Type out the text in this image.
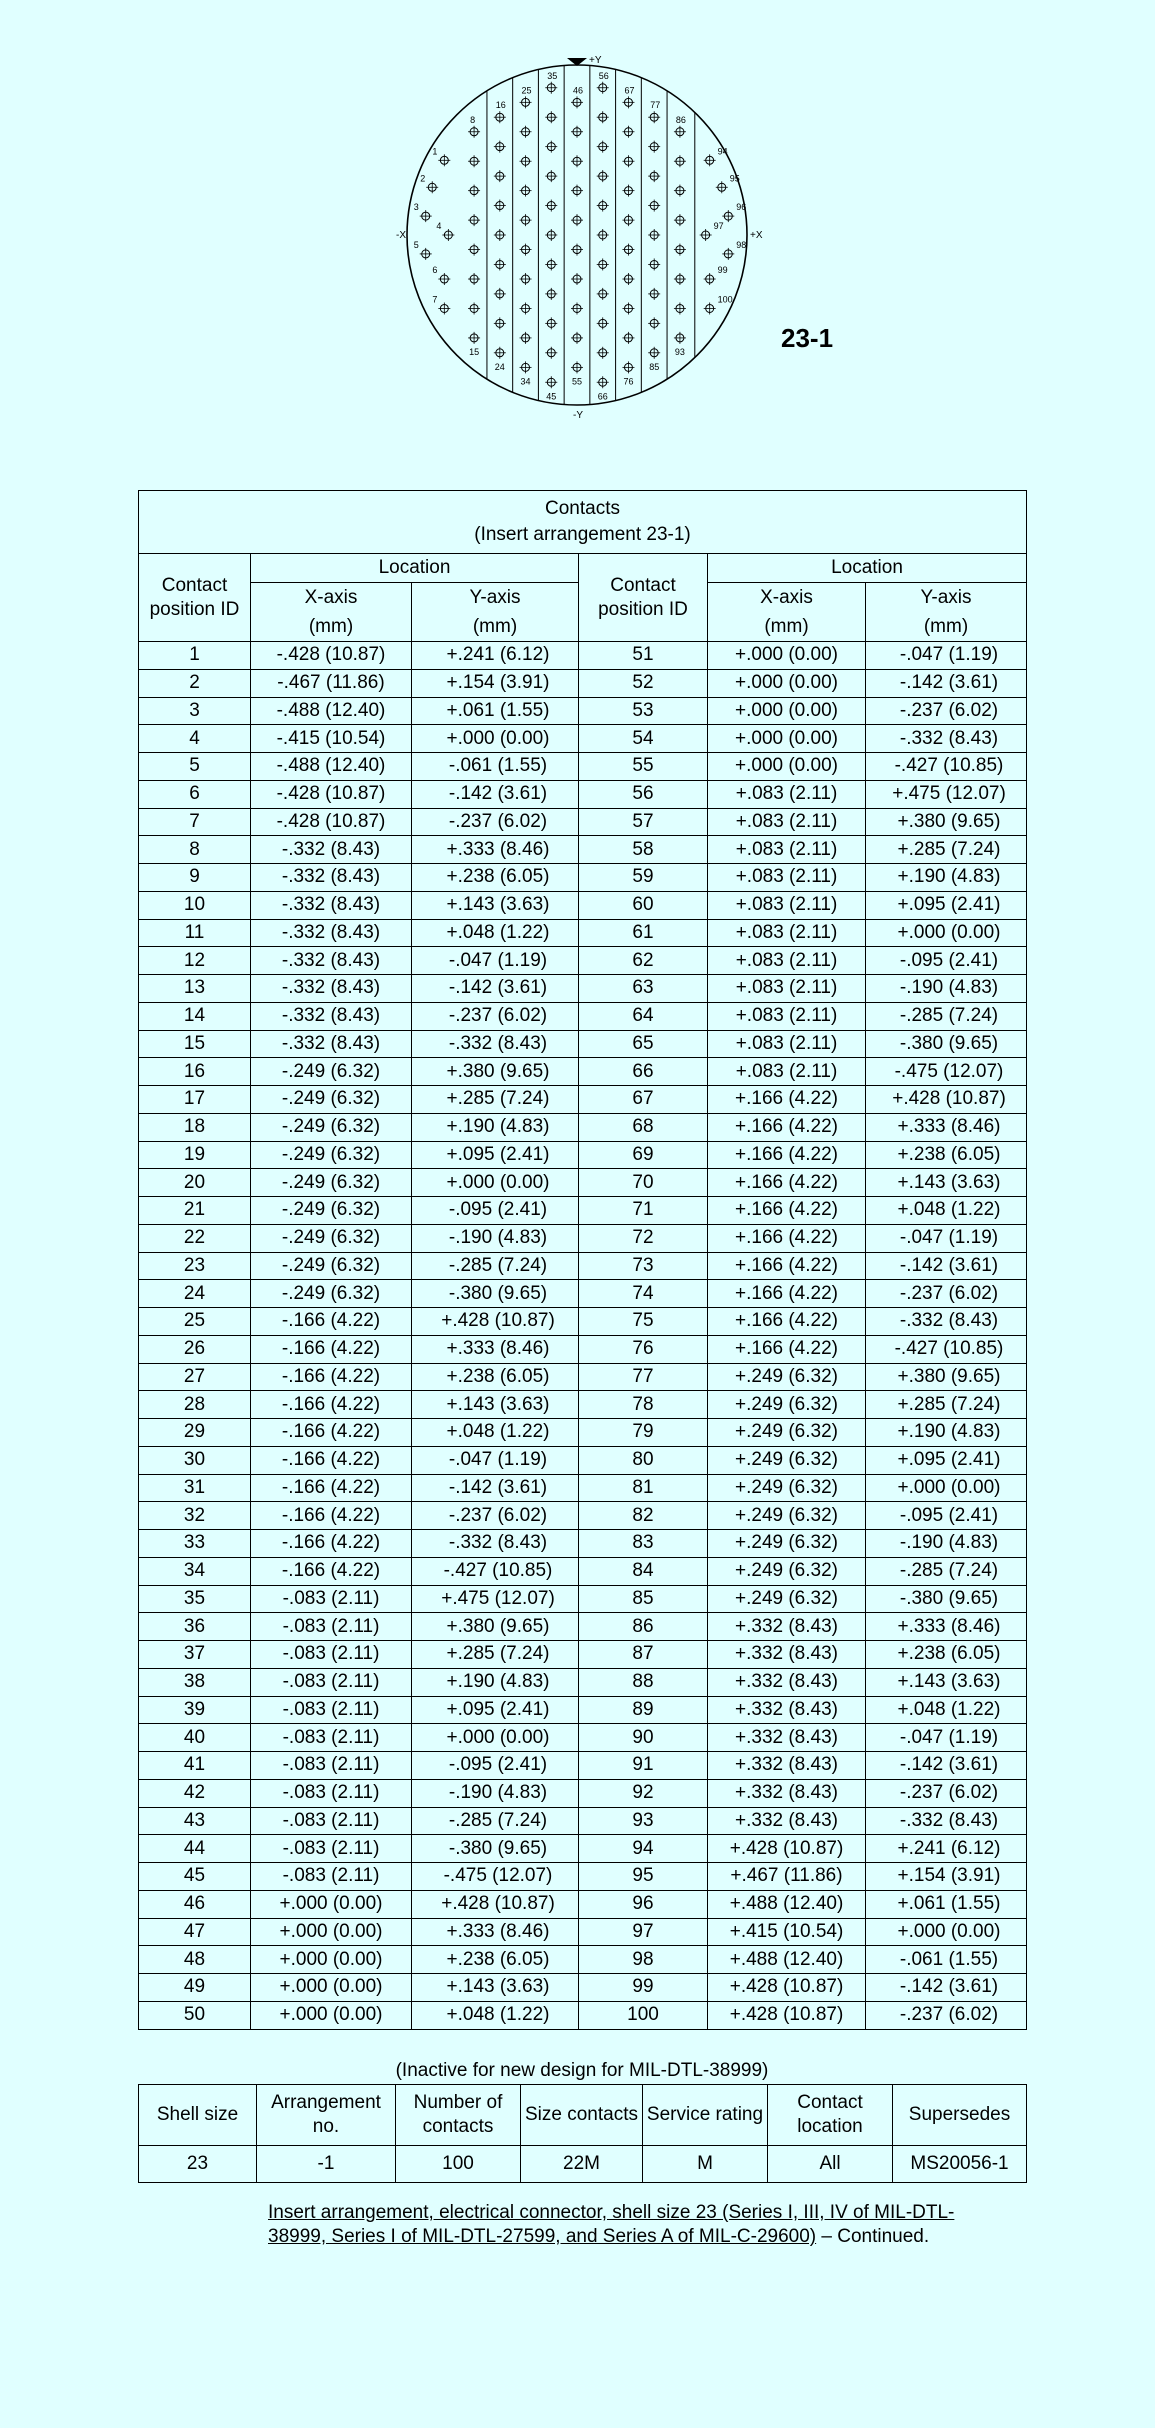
1
2
3
4
5
6
7
8
15
16
24
25
34
35
45
46
55
56
66
67
76
77
85
86
93
94
95
96
97
98
99
100
+Y
-Y
+X
-X
23-1
Contacts
(Insert arrangement 23-1)					
Contact position ID	Location		Contact position ID	Location	
	X-axis	Y-axis		X-axis	Y-axis
	(mm)	(mm)		(mm)	(mm)
1	-.428 (10.87)	+.241 (6.12)	51	+.000 (0.00)	-.047 (1.19)
2	-.467 (11.86)	+.154 (3.91)	52	+.000 (0.00)	-.142 (3.61)
3	-.488 (12.40)	+.061 (1.55)	53	+.000 (0.00)	-.237 (6.02)
4	-.415 (10.54)	+.000 (0.00)	54	+.000 (0.00)	-.332 (8.43)
5	-.488 (12.40)	-.061 (1.55)	55	+.000 (0.00)	-.427 (10.85)
6	-.428 (10.87)	-.142 (3.61)	56	+.083 (2.11)	+.475 (12.07)
7	-.428 (10.87)	-.237 (6.02)	57	+.083 (2.11)	+.380 (9.65)
8	-.332 (8.43)	+.333 (8.46)	58	+.083 (2.11)	+.285 (7.24)
9	-.332 (8.43)	+.238 (6.05)	59	+.083 (2.11)	+.190 (4.83)
10	-.332 (8.43)	+.143 (3.63)	60	+.083 (2.11)	+.095 (2.41)
11	-.332 (8.43)	+.048 (1.22)	61	+.083 (2.11)	+.000 (0.00)
12	-.332 (8.43)	-.047 (1.19)	62	+.083 (2.11)	-.095 (2.41)
13	-.332 (8.43)	-.142 (3.61)	63	+.083 (2.11)	-.190 (4.83)
14	-.332 (8.43)	-.237 (6.02)	64	+.083 (2.11)	-.285 (7.24)
15	-.332 (8.43)	-.332 (8.43)	65	+.083 (2.11)	-.380 (9.65)
16	-.249 (6.32)	+.380 (9.65)	66	+.083 (2.11)	-.475 (12.07)
17	-.249 (6.32)	+.285 (7.24)	67	+.166 (4.22)	+.428 (10.87)
18	-.249 (6.32)	+.190 (4.83)	68	+.166 (4.22)	+.333 (8.46)
19	-.249 (6.32)	+.095 (2.41)	69	+.166 (4.22)	+.238 (6.05)
20	-.249 (6.32)	+.000 (0.00)	70	+.166 (4.22)	+.143 (3.63)
21	-.249 (6.32)	-.095 (2.41)	71	+.166 (4.22)	+.048 (1.22)
22	-.249 (6.32)	-.190 (4.83)	72	+.166 (4.22)	-.047 (1.19)
23	-.249 (6.32)	-.285 (7.24)	73	+.166 (4.22)	-.142 (3.61)
24	-.249 (6.32)	-.380 (9.65)	74	+.166 (4.22)	-.237 (6.02)
25	-.166 (4.22)	+.428 (10.87)	75	+.166 (4.22)	-.332 (8.43)
26	-.166 (4.22)	+.333 (8.46)	76	+.166 (4.22)	-.427 (10.85)
27	-.166 (4.22)	+.238 (6.05)	77	+.249 (6.32)	+.380 (9.65)
28	-.166 (4.22)	+.143 (3.63)	78	+.249 (6.32)	+.285 (7.24)
29	-.166 (4.22)	+.048 (1.22)	79	+.249 (6.32)	+.190 (4.83)
30	-.166 (4.22)	-.047 (1.19)	80	+.249 (6.32)	+.095 (2.41)
31	-.166 (4.22)	-.142 (3.61)	81	+.249 (6.32)	+.000 (0.00)
32	-.166 (4.22)	-.237 (6.02)	82	+.249 (6.32)	-.095 (2.41)
33	-.166 (4.22)	-.332 (8.43)	83	+.249 (6.32)	-.190 (4.83)
34	-.166 (4.22)	-.427 (10.85)	84	+.249 (6.32)	-.285 (7.24)
35	-.083 (2.11)	+.475 (12.07)	85	+.249 (6.32)	-.380 (9.65)
36	-.083 (2.11)	+.380 (9.65)	86	+.332 (8.43)	+.333 (8.46)
37	-.083 (2.11)	+.285 (7.24)	87	+.332 (8.43)	+.238 (6.05)
38	-.083 (2.11)	+.190 (4.83)	88	+.332 (8.43)	+.143 (3.63)
39	-.083 (2.11)	+.095 (2.41)	89	+.332 (8.43)	+.048 (1.22)
40	-.083 (2.11)	+.000 (0.00)	90	+.332 (8.43)	-.047 (1.19)
41	-.083 (2.11)	-.095 (2.41)	91	+.332 (8.43)	-.142 (3.61)
42	-.083 (2.11)	-.190 (4.83)	92	+.332 (8.43)	-.237 (6.02)
43	-.083 (2.11)	-.285 (7.24)	93	+.332 (8.43)	-.332 (8.43)
44	-.083 (2.11)	-.380 (9.65)	94	+.428 (10.87)	+.241 (6.12)
45	-.083 (2.11)	-.475 (12.07)	95	+.467 (11.86)	+.154 (3.91)
46	+.000 (0.00)	+.428 (10.87)	96	+.488 (12.40)	+.061 (1.55)
47	+.000 (0.00)	+.333 (8.46)	97	+.415 (10.54)	+.000 (0.00)
48	+.000 (0.00)	+.238 (6.05)	98	+.488 (12.40)	-.061 (1.55)
49	+.000 (0.00)	+.143 (3.63)	99	+.428 (10.87)	-.142 (3.61)
50	+.000 (0.00)	+.048 (1.22)	100	+.428 (10.87)	-.237 (6.02)
(Inactive for new design for MIL-DTL-38999)
Shell size	Arrangement no.	Number of contacts	Size contacts	Service rating	Contact location	Supersedes
23	-1	100	22M	M	All	MS20056-1
Insert arrangement, electrical connector, shell size 23 (Series I, III, IV of MIL-DTL-38999, Series I of MIL-DTL-27599, and Series A of MIL-C-29600) – Continued.
